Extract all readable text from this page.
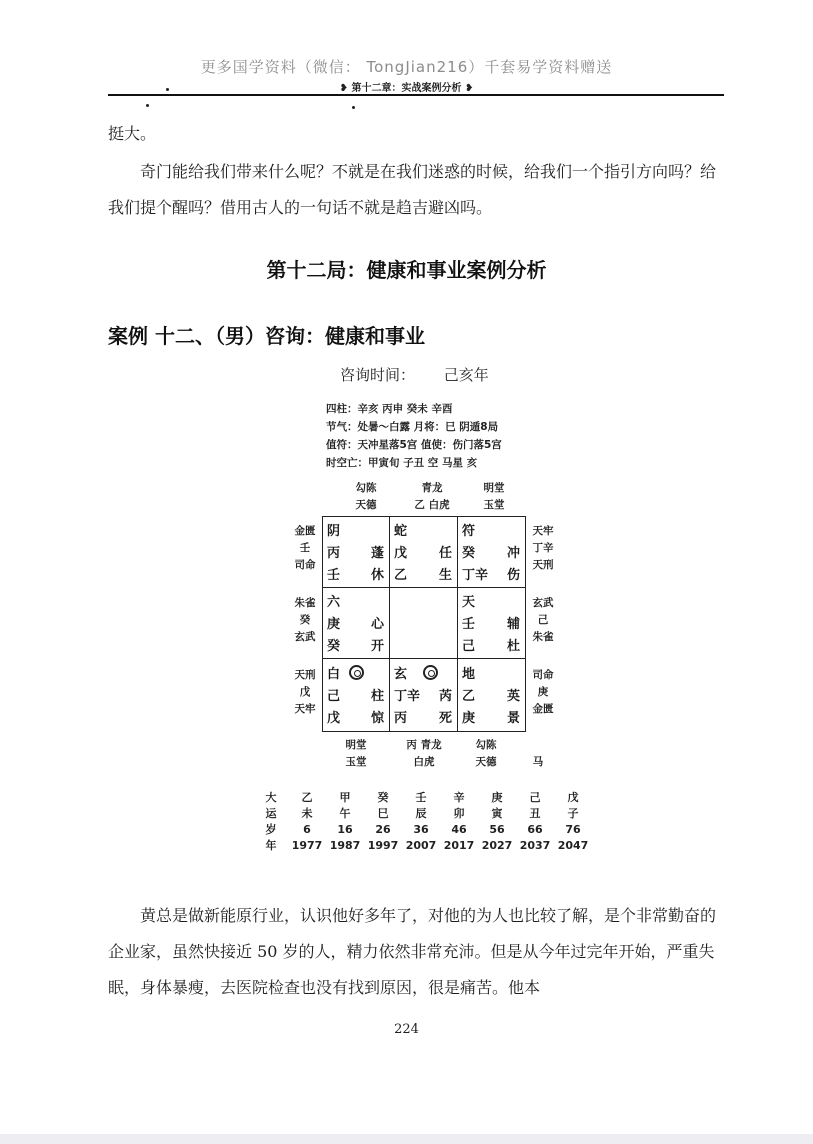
更多国学资料（微信： TongJian216）千套易学资料赠送
❥ 第十二章：实战案例分析 ❥

挺大。

奇门能给我们带来什么呢？不就是在我们迷惑的时候，给我们一个指引方向吗？给我们提个醒吗？借用古人的一句话不就是趋吉避凶吗。

第十二局：健康和事业案例分析
案例 十二、（男）咨询：健康和事业
咨询时间： 己亥年
四柱：辛亥 丙申 癸未 辛酉
节气：处暑～白露 月将：巳 阴遁8局
值符：天冲星落5宫 值使：伤门落5宫
时空亡：甲寅旬 子丑 空 马星 亥
勾陈
天德
青龙
乙 白虎
明堂
玉堂
金匮
壬
司命
朱雀
癸
玄武
天刑
戊
天牢
天牢
丁辛
天刑
玄武
己
朱雀
司命
庚
金匮
阴
丙 蓬
壬 休
蛇
戊 任
乙 生
符
癸 冲
丁辛 伤
六
庚 心
癸 开
天
壬 辅
己 杜
白
己 柱
戊 惊
玄
丁辛 芮
丙 死
地
乙 英
庚 景
明堂
玉堂
丙 青龙
白虎
勾陈
天德	马
大
运
岁
年
乙
未
6
1977
甲
午
16
1987
癸
巳
26
1997
壬
辰
36
2007
辛
卯
46
2017
庚
寅
56
2027
己
丑
66
2037
戊
子
76
2047

黄总是做新能原行业，认识他好多年了，对他的为人也比较了解，是个非常勤奋的企业家，虽然快接近 50 岁的人，精力依然非常充沛。但是从今年过完年开始，严重失眠，身体暴瘦，去医院检查也没有找到原因，很是痛苦。他本

224
